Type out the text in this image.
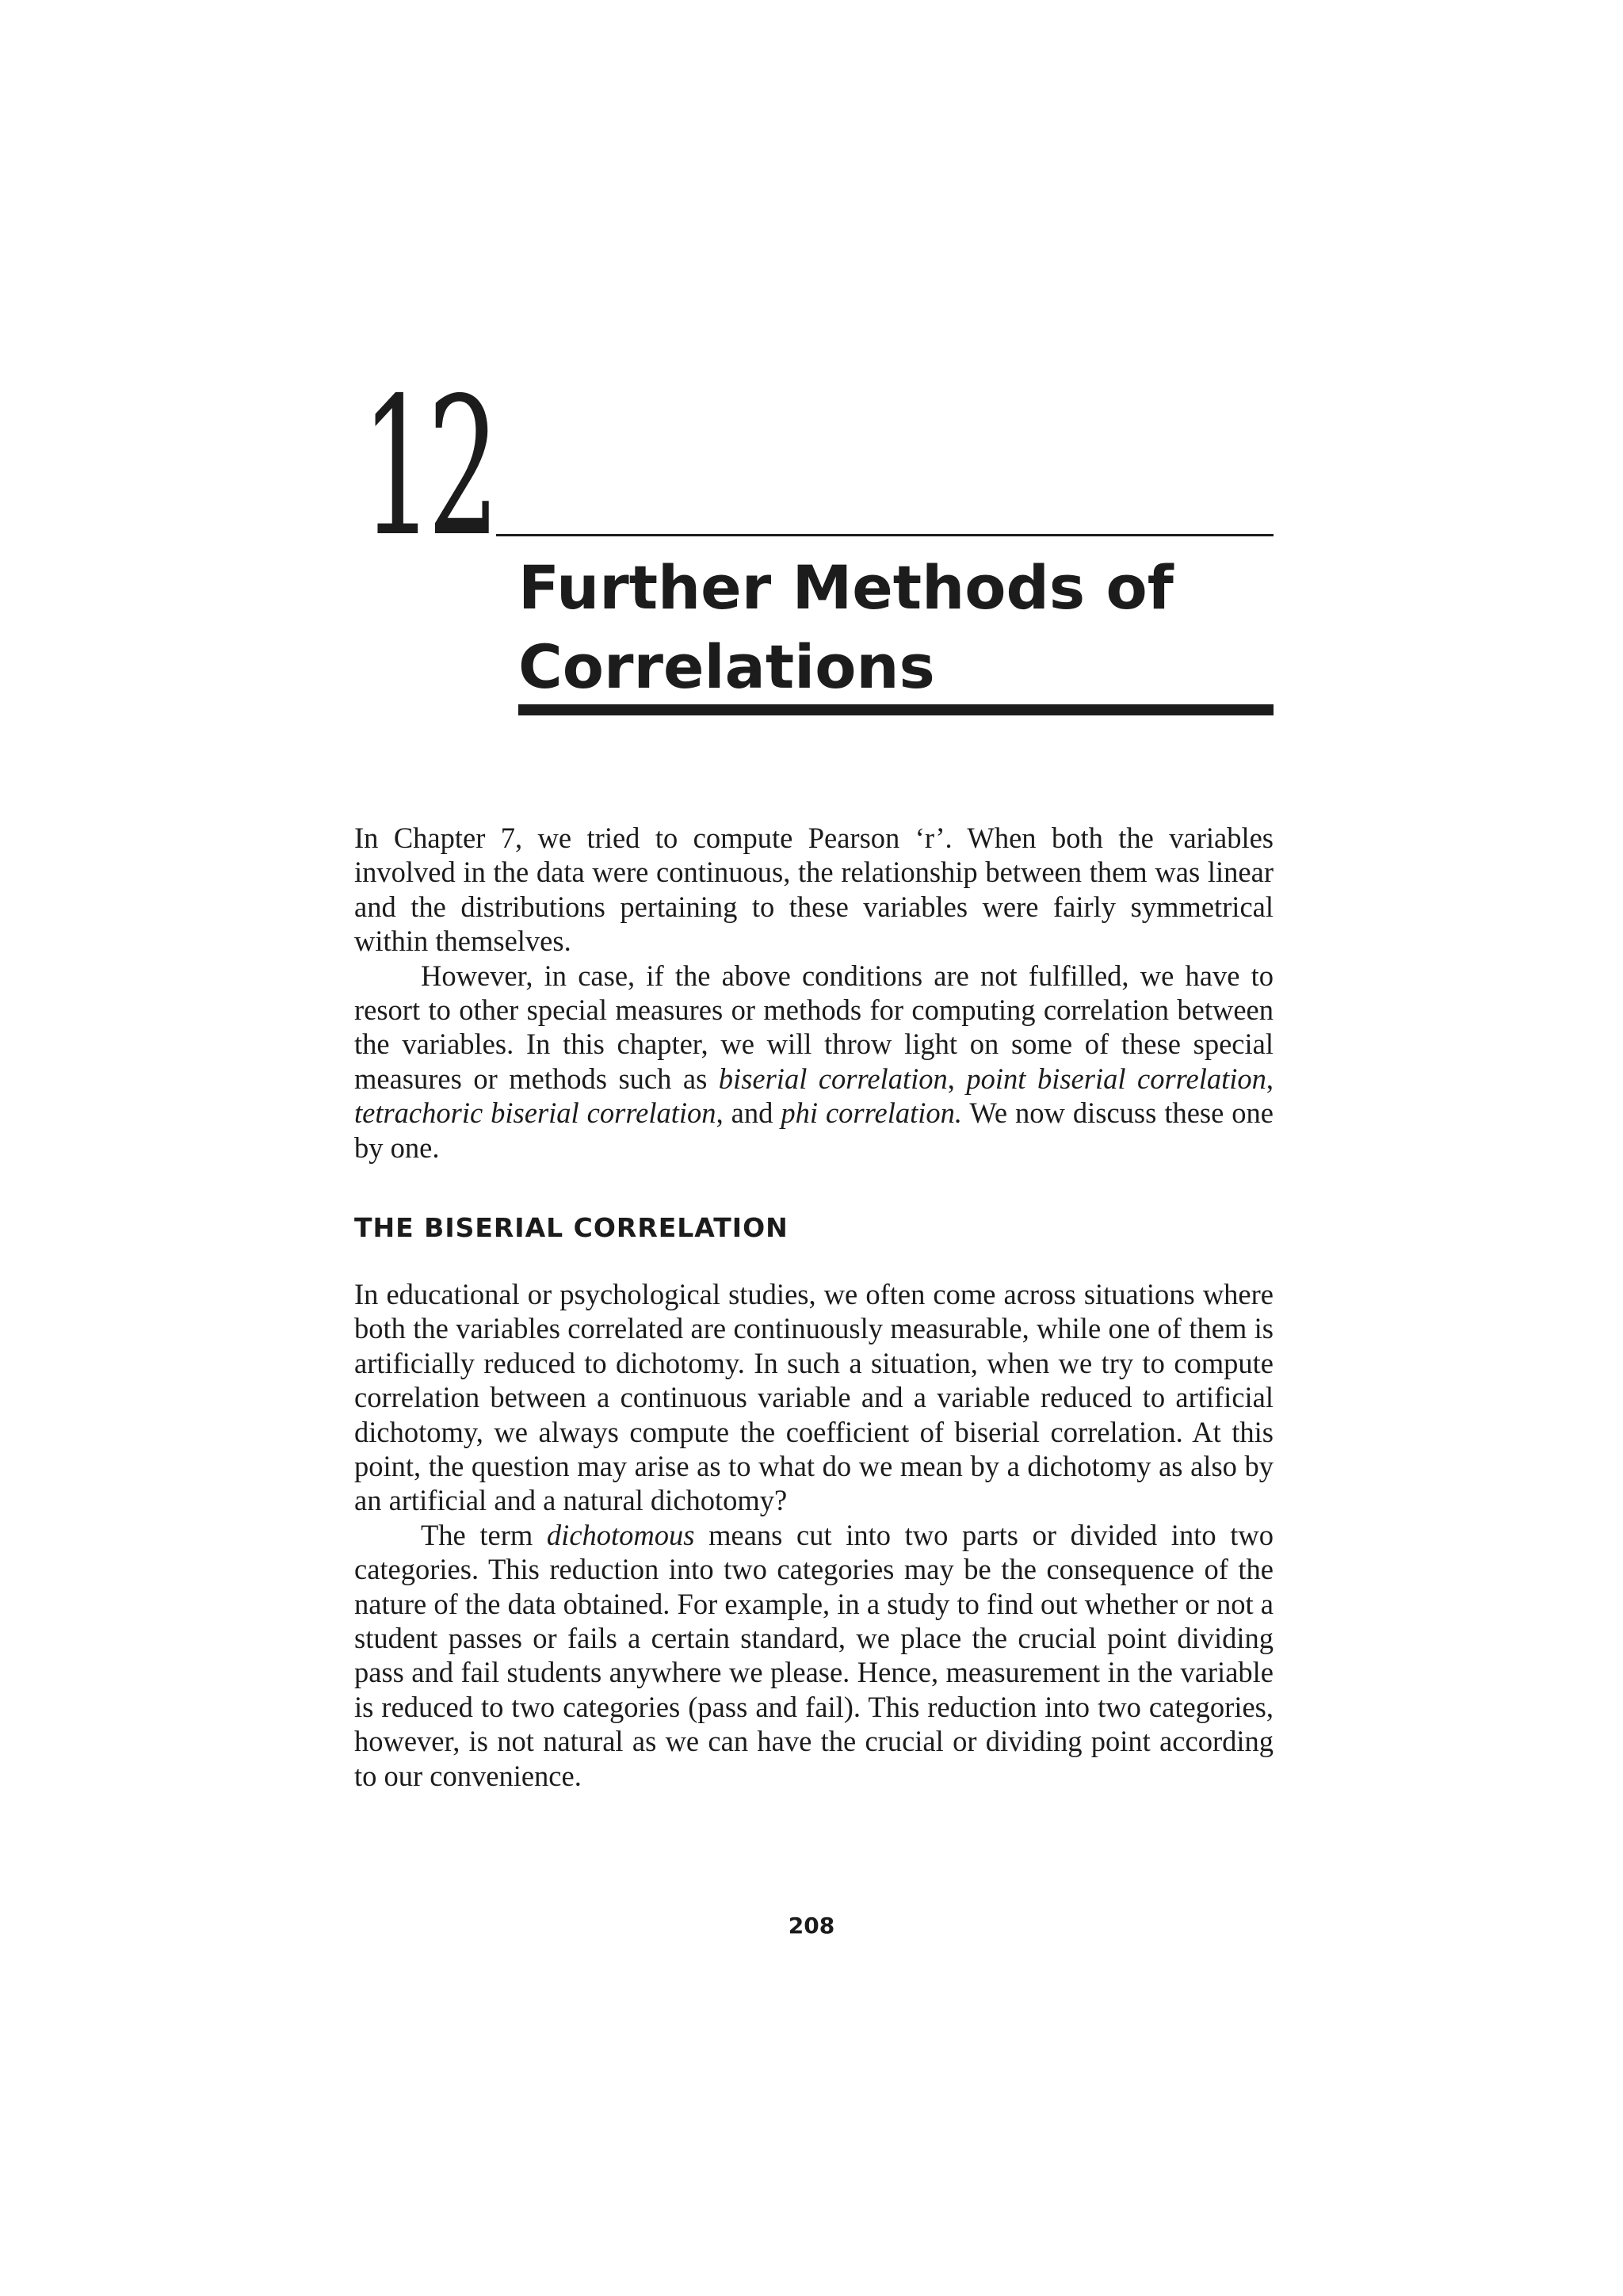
12
Further Methods of
Correlations

In Chapter 7, we tried to compute Pearson ‘r’. When both the variables involved in the data were continuous, the relationship between them was linear and the distributions pertaining to these variables were fairly symmetrical within themselves.

However, in case, if the above conditions are not fulfilled, we have to resort to other special measures or methods for computing correlation between the variables. In this chapter, we will throw light on some of these special measures or methods such as biserial correlation, point biserial correlation, tetrachoric biserial correlation, and phi correlation. We now discuss these one by one.

THE BISERIAL CORRELATION

In educational or psychological studies, we often come across situations where both the variables correlated are continuously measurable, while one of them is artificially reduced to dichotomy. In such a situation, when we try to compute correlation between a continuous variable and a variable reduced to artificial dichotomy, we always compute the coefficient of biserial correlation. At this point, the question may arise as to what do we mean by a dichotomy as also by an artificial and a natural dichotomy?

The term dichotomous means cut into two parts or divided into two categories. This reduction into two categories may be the consequence of the nature of the data obtained. For example, in a study to find out whether or not a student passes or fails a certain standard, we place the crucial point dividing pass and fail students anywhere we please. Hence, measurement in the variable is reduced to two categories (pass and fail). This reduction into two categories, however, is not natural as we can have the crucial or dividing point according to our convenience.

208
